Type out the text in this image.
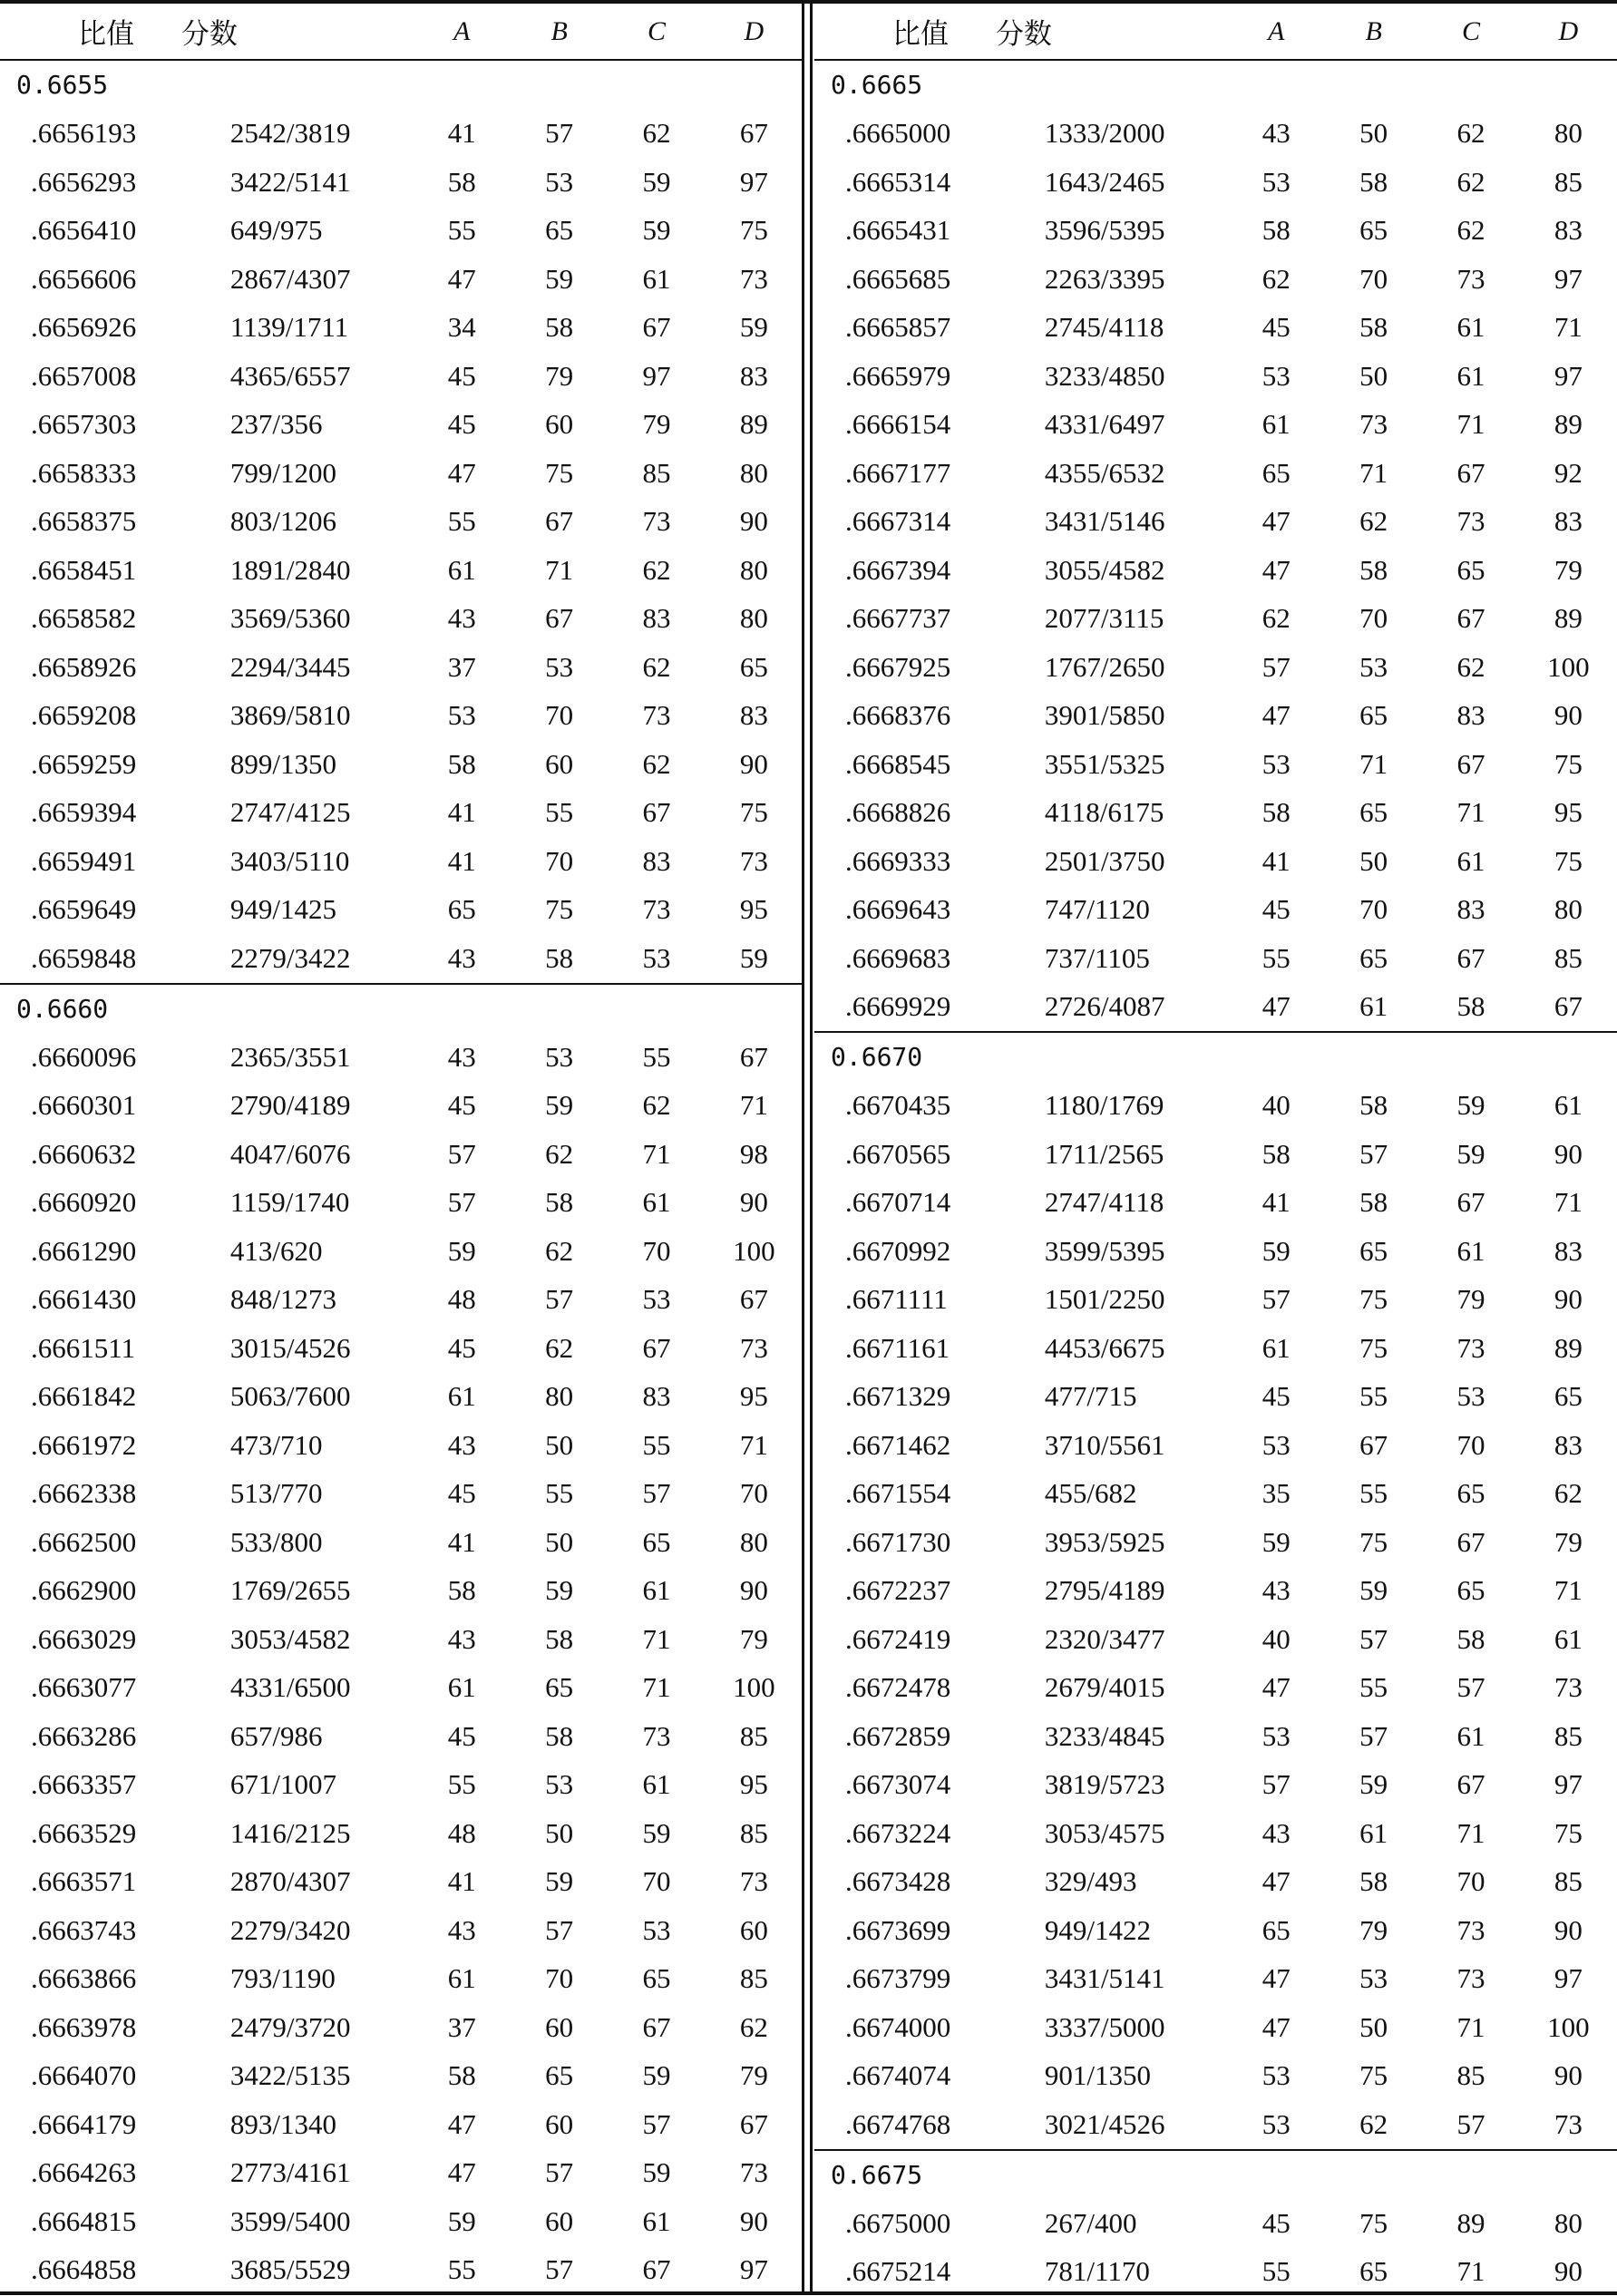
比值	分数	A	B	C	D
0.6655					
.6656193	2542/3819	41	57	62	67
.6656293	3422/5141	58	53	59	97
.6656410	649/975	55	65	59	75
.6656606	2867/4307	47	59	61	73
.6656926	1139/1711	34	58	67	59
.6657008	4365/6557	45	79	97	83
.6657303	237/356	45	60	79	89
.6658333	799/1200	47	75	85	80
.6658375	803/1206	55	67	73	90
.6658451	1891/2840	61	71	62	80
.6658582	3569/5360	43	67	83	80
.6658926	2294/3445	37	53	62	65
.6659208	3869/5810	53	70	73	83
.6659259	899/1350	58	60	62	90
.6659394	2747/4125	41	55	67	75
.6659491	3403/5110	41	70	83	73
.6659649	949/1425	65	75	73	95
.6659848	2279/3422	43	58	53	59
0.6660					
.6660096	2365/3551	43	53	55	67
.6660301	2790/4189	45	59	62	71
.6660632	4047/6076	57	62	71	98
.6660920	1159/1740	57	58	61	90
.6661290	413/620	59	62	70	100
.6661430	848/1273	48	57	53	67
.6661511	3015/4526	45	62	67	73
.6661842	5063/7600	61	80	83	95
.6661972	473/710	43	50	55	71
.6662338	513/770	45	55	57	70
.6662500	533/800	41	50	65	80
.6662900	1769/2655	58	59	61	90
.6663029	3053/4582	43	58	71	79
.6663077	4331/6500	61	65	71	100
.6663286	657/986	45	58	73	85
.6663357	671/1007	55	53	61	95
.6663529	1416/2125	48	50	59	85
.6663571	2870/4307	41	59	70	73
.6663743	2279/3420	43	57	53	60
.6663866	793/1190	61	70	65	85
.6663978	2479/3720	37	60	67	62
.6664070	3422/5135	58	65	59	79
.6664179	893/1340	47	60	57	67
.6664263	2773/4161	47	57	59	73
.6664815	3599/5400	59	60	61	90
.6664858	3685/5529	55	57	67	97
比值	分数	A	B	C	D
0.6665					
.6665000	1333/2000	43	50	62	80
.6665314	1643/2465	53	58	62	85
.6665431	3596/5395	58	65	62	83
.6665685	2263/3395	62	70	73	97
.6665857	2745/4118	45	58	61	71
.6665979	3233/4850	53	50	61	97
.6666154	4331/6497	61	73	71	89
.6667177	4355/6532	65	71	67	92
.6667314	3431/5146	47	62	73	83
.6667394	3055/4582	47	58	65	79
.6667737	2077/3115	62	70	67	89
.6667925	1767/2650	57	53	62	100
.6668376	3901/5850	47	65	83	90
.6668545	3551/5325	53	71	67	75
.6668826	4118/6175	58	65	71	95
.6669333	2501/3750	41	50	61	75
.6669643	747/1120	45	70	83	80
.6669683	737/1105	55	65	67	85
.6669929	2726/4087	47	61	58	67
0.6670					
.6670435	1180/1769	40	58	59	61
.6670565	1711/2565	58	57	59	90
.6670714	2747/4118	41	58	67	71
.6670992	3599/5395	59	65	61	83
.6671111	1501/2250	57	75	79	90
.6671161	4453/6675	61	75	73	89
.6671329	477/715	45	55	53	65
.6671462	3710/5561	53	67	70	83
.6671554	455/682	35	55	65	62
.6671730	3953/5925	59	75	67	79
.6672237	2795/4189	43	59	65	71
.6672419	2320/3477	40	57	58	61
.6672478	2679/4015	47	55	57	73
.6672859	3233/4845	53	57	61	85
.6673074	3819/5723	57	59	67	97
.6673224	3053/4575	43	61	71	75
.6673428	329/493	47	58	70	85
.6673699	949/1422	65	79	73	90
.6673799	3431/5141	47	53	73	97
.6674000	3337/5000	47	50	71	100
.6674074	901/1350	53	75	85	90
.6674768	3021/4526	53	62	57	73
0.6675					
.6675000	267/400	45	75	89	80
.6675214	781/1170	55	65	71	90
